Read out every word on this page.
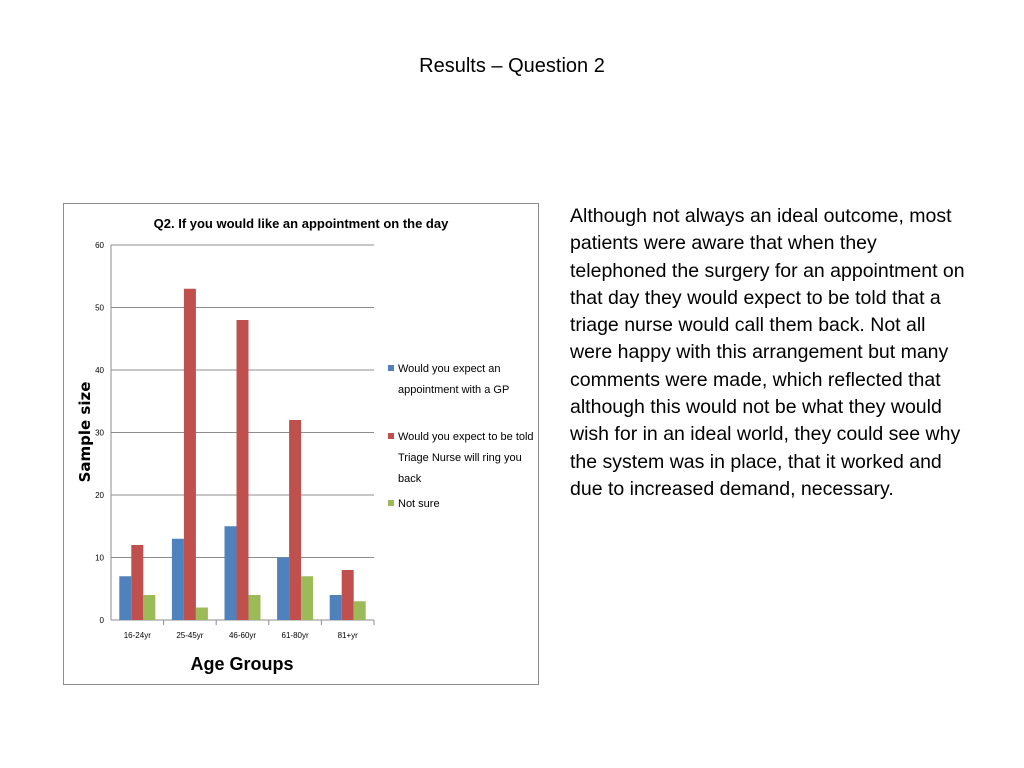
Results – Question 2
Q2. If you would like an appointment on the day
0
10
20
30
40
50
60
16-24yr	25-45yr	46-60yr	61-80yr	81+yr
Would you expect an
appointment with a GP
Would you expect to be told
Triage Nurse will ring you
back
Not sure
Sample size
Age Groups

Although not always an ideal outcome, most patients were aware that when they telephoned the surgery for an appointment on that day they would expect to be told that a triage nurse would call them back. Not all were happy with this arrangement but many comments were made, which reflected that although this would not be what they would wish for in an ideal world, they could see why the system was in place, that it worked and due to increased demand, necessary.
